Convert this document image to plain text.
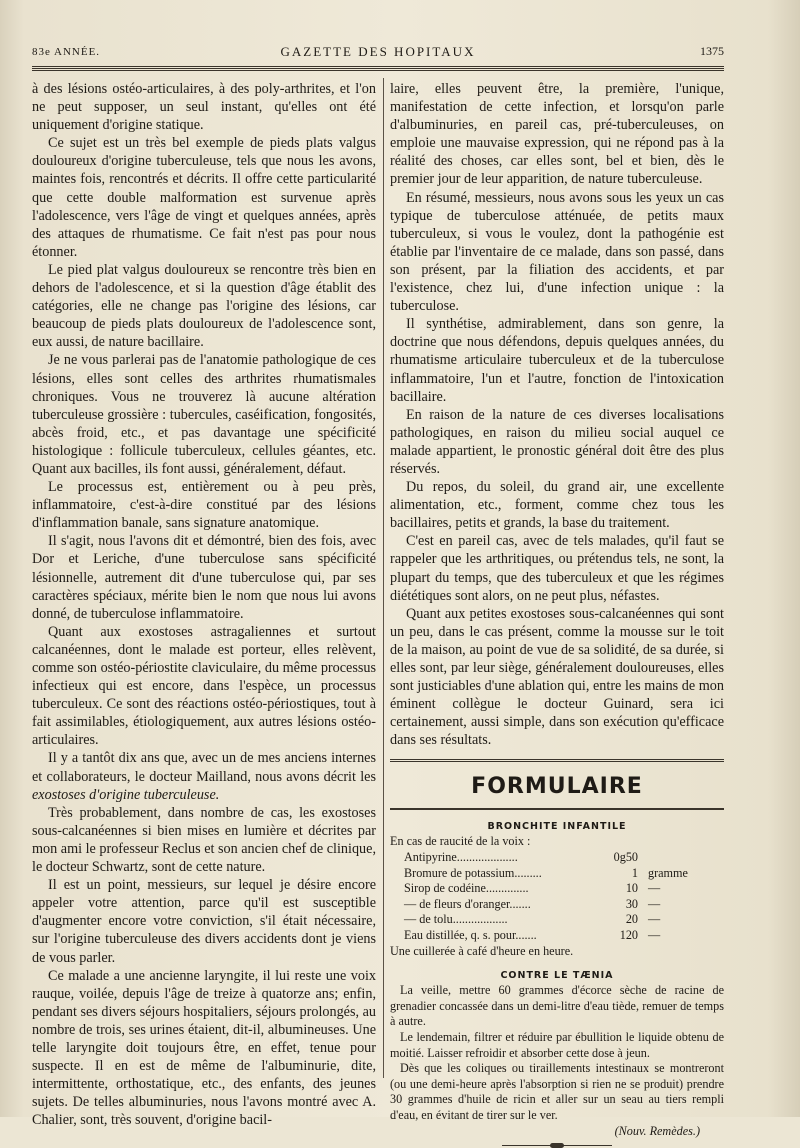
83e ANNÉE.	GAZETTE DES HOPITAUX	1375

à des lésions ostéo-articulaires, à des poly-arthrites, et l'on ne peut supposer, un seul instant, qu'elles ont été uniquement d'origine statique.

Ce sujet est un très bel exemple de pieds plats valgus douloureux d'origine tuberculeuse, tels que nous les avons, maintes fois, rencontrés et décrits. Il offre cette particularité que cette double malformation est survenue après l'adolescence, vers l'âge de vingt et quelques années, après des attaques de rhumatisme. Ce fait n'est pas pour nous étonner.

Le pied plat valgus douloureux se rencontre très bien en dehors de l'adolescence, et si la question d'âge établit des catégories, elle ne change pas l'origine des lésions, car beaucoup de pieds plats douloureux de l'adolescence sont, eux aussi, de nature bacillaire.

Je ne vous parlerai pas de l'anatomie pathologique de ces lésions, elles sont celles des arthrites rhumatismales chroniques. Vous ne trouverez là aucune altération tuberculeuse grossière : tubercules, caséification, fongosités, abcès froid, etc., et pas davantage une spécificité histologique : follicule tuberculeux, cellules géantes, etc. Quant aux bacilles, ils font aussi, généralement, défaut.

Le processus est, entièrement ou à peu près, inflammatoire, c'est-à-dire constitué par des lésions d'inflammation banale, sans signature anatomique.

Il s'agit, nous l'avons dit et démontré, bien des fois, avec Dor et Leriche, d'une tuberculose sans spécificité lésionnelle, autrement dit d'une tuberculose qui, par ses caractères spéciaux, mérite bien le nom que nous lui avons donné, de tuberculose inflammatoire.

Quant aux exostoses astragaliennes et surtout calcanéennes, dont le malade est porteur, elles relèvent, comme son ostéo-périostite claviculaire, du même processus infectieux qui est encore, dans l'espèce, un processus tuberculeux. Ce sont des réactions ostéo-périostiques, tout à fait assimilables, étiologiquement, aux autres lésions ostéo-articulaires.

Il y a tantôt dix ans que, avec un de mes anciens internes et collaborateurs, le docteur Mailland, nous avons décrit les exostoses d'origine tuberculeuse.

Très probablement, dans nombre de cas, les exostoses sous-calcanéennes si bien mises en lumière et décrites par mon ami le professeur Reclus et son ancien chef de clinique, le docteur Schwartz, sont de cette nature.

Il est un point, messieurs, sur lequel je désire encore appeler votre attention, parce qu'il est susceptible d'augmenter encore votre conviction, s'il était nécessaire, sur l'origine tuberculeuse des divers accidents dont je viens de vous parler.

Ce malade a une ancienne laryngite, il lui reste une voix rauque, voilée, depuis l'âge de treize à quatorze ans; enfin, pendant ses divers séjours hospitaliers, séjours prolongés, au nombre de trois, ses urines étaient, dit-il, albumineuses. Une telle laryngite doit toujours être, en effet, tenue pour suspecte. Il en est de même de l'albuminurie, dite, intermittente, orthostatique, etc., des enfants, des jeunes sujets. De telles albuminuries, nous l'avons montré avec A. Chalier, sont, très souvent, d'origine bacil-

laire, elles peuvent être, la première, l'unique, manifestation de cette infection, et lorsqu'on parle d'albuminuries, en pareil cas, pré-tuberculeuses, on emploie une mauvaise expression, qui ne répond pas à la réalité des choses, car elles sont, bel et bien, dès le premier jour de leur apparition, de nature tuberculeuse.

En résumé, messieurs, nous avons sous les yeux un cas typique de tuberculose atténuée, de petits maux tuberculeux, si vous le voulez, dont la pathogénie est établie par l'inventaire de ce malade, dans son passé, dans son présent, par la filiation des accidents, et par l'existence, chez lui, d'une infection unique : la tuberculose.

Il synthétise, admirablement, dans son genre, la doctrine que nous défendons, depuis quelques années, du rhumatisme articulaire tuberculeux et de la tuberculose inflammatoire, l'un et l'autre, fonction de l'intoxication bacillaire.

En raison de la nature de ces diverses localisations pathologiques, en raison du milieu social auquel ce malade appartient, le pronostic général doit être des plus réservés.

Du repos, du soleil, du grand air, une excellente alimentation, etc., forment, comme chez tous les bacillaires, petits et grands, la base du traitement.

C'est en pareil cas, avec de tels malades, qu'il faut se rappeler que les arthritiques, ou prétendus tels, ne sont, la plupart du temps, que des tuberculeux et que les régimes diététiques sont alors, on ne peut plus, néfastes.

Quant aux petites exostoses sous-calcanéennes qui sont un peu, dans le cas présent, comme la mousse sur le toit de la maison, au point de vue de sa solidité, de sa durée, si elles sont, par leur siège, généralement douloureuses, elles sont justiciables d'une ablation qui, entre les mains de mon éminent collègue le docteur Guinard, sera ici certainement, aussi simple, dans son exécution qu'efficace dans ses résultats.

FORMULAIRE
BRONCHITE INFANTILE
En cas de raucité de la voix :
Antipyrine....................	0g50	
Bromure de potassium.........	1	gramme
Sirop de codéine..............	10	—
— de fleurs d'oranger.......	30	—
— de tolu..................	20	—
Eau distillée, q. s. pour.......	120	—
Une cuillerée à café d'heure en heure.
CONTRE LE TÆNIA

La veille, mettre 60 grammes d'écorce sèche de racine de grenadier concassée dans un demi-litre d'eau tiède, remuer de temps à autre.

Le lendemain, filtrer et réduire par ébullition le liquide obtenu de moitié. Laisser refroidir et absorber cette dose à jeun.

Dès que les coliques ou tiraillements intestinaux se montreront (ou une demi-heure après l'absorption si rien ne se produit) prendre 30 grammes d'huile de ricin et aller sur un seau au tiers rempli d'eau, en évitant de tirer sur le ver.

(Nouv. Remèdes.)
